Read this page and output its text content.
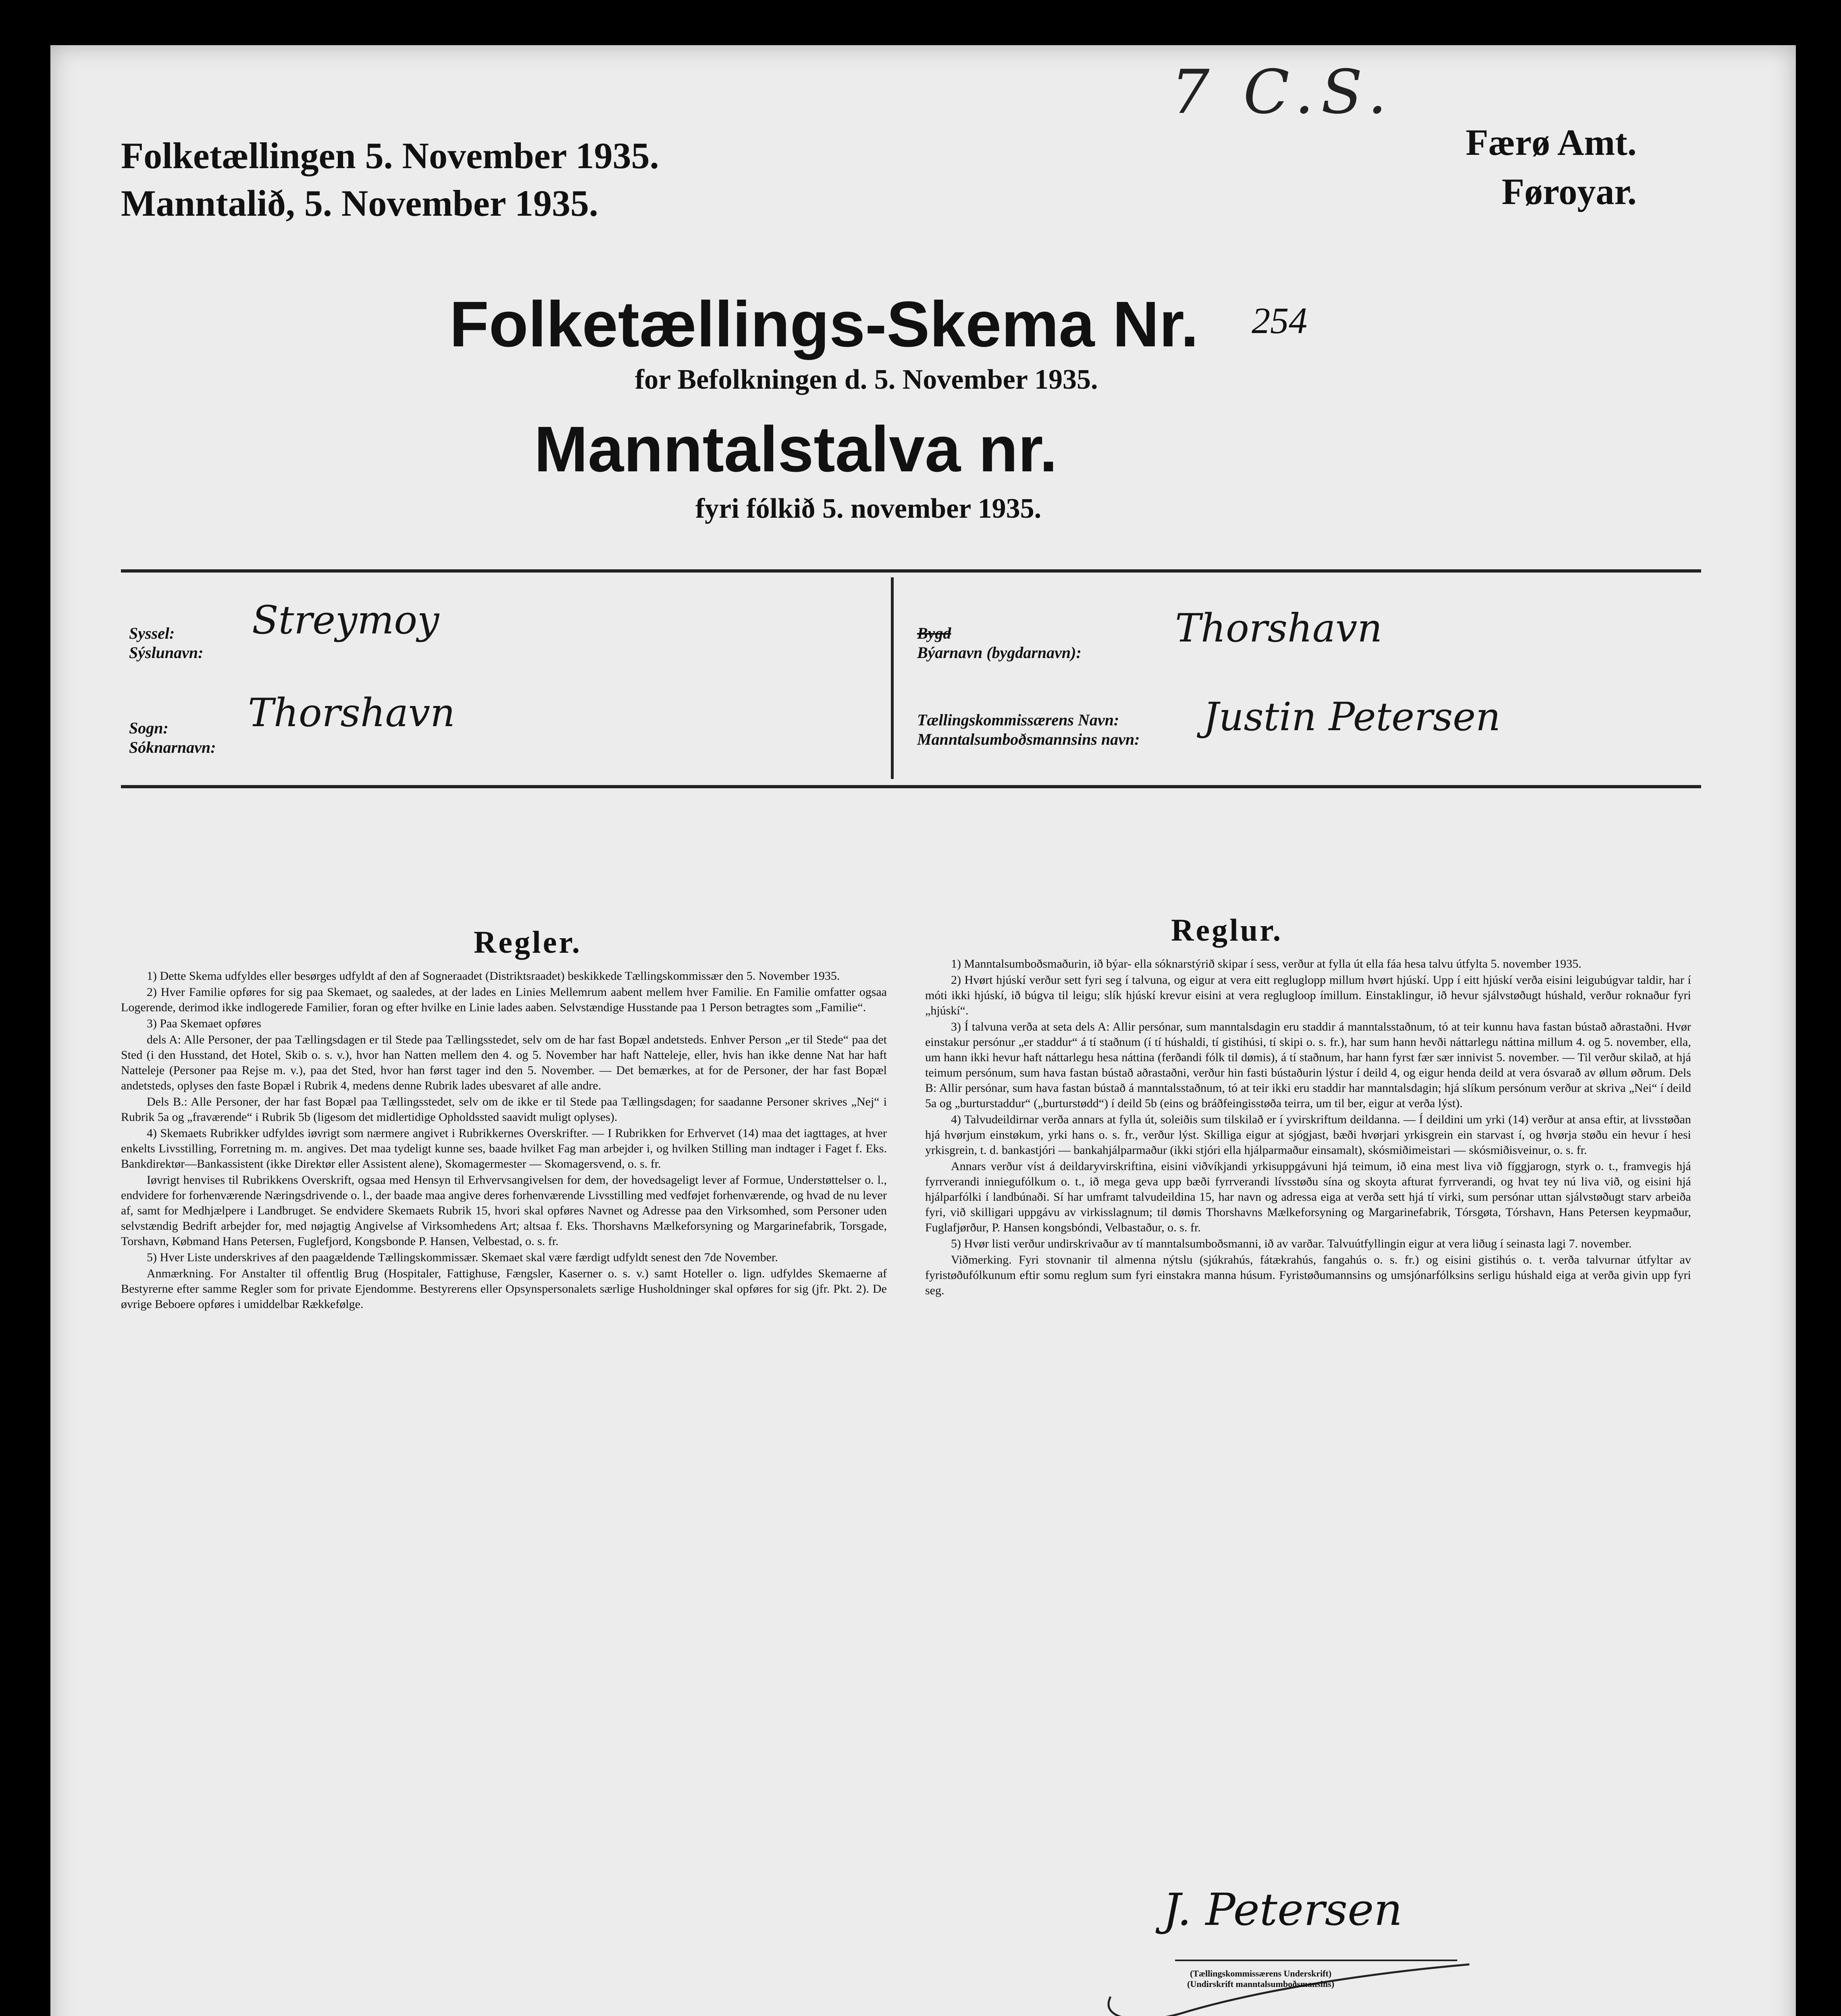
Folketællingen 5. November 1935.
Manntalið, 5. November 1935.
7 C.S.
Færø Amt.
Føroyar.
Folketællings-Skema Nr. 254
for Befolkningen d. 5. November 1935.
Manntalstalva nr.
fyri fólkið 5. november 1935.
Syssel:
Sýslunavn:
Streymoy
Sogn:
Sóknarnavn:
Thorshavn
Bygd
Býarnavn (bygdarnavn):
Thorshavn
Tællingskommissærens Navn:
Manntalsumboðsmannsins navn: Justin Petersen
Regler.

1) Dette Skema udfyldes eller besørges udfyldt af den af Sogneraadet (Distriktsraadet) beskikkede Tællingskommissær den 5. November 1935.

2) Hver Familie opføres for sig paa Skemaet, og saaledes, at der lades en Linies Mellemrum aabent mellem hver Familie. En Familie omfatter ogsaa Logerende, derimod ikke indlogerede Familier, foran og efter hvilke en Linie lades aaben. Selvstændige Husstande paa 1 Person betragtes som „Familie“.

3) Paa Skemaet opføres

dels A: Alle Personer, der paa Tællingsdagen er til Stede paa Tællingsstedet, selv om de har fast Bopæl andetsteds. Enhver Person „er til Stede“ paa det Sted (i den Husstand, det Hotel, Skib o. s. v.), hvor han Natten mellem den 4. og 5. November har haft Natteleje, eller, hvis han ikke denne Nat har haft Natteleje (Personer paa Rejse m. v.), paa det Sted, hvor han først tager ind den 5. November. — Det bemærkes, at for de Personer, der har fast Bopæl andetsteds, oplyses den faste Bopæl i Rubrik 4, medens denne Rubrik lades ubesvaret af alle andre.

Dels B.: Alle Personer, der har fast Bopæl paa Tællingsstedet, selv om de ikke er til Stede paa Tællingsdagen; for saadanne Personer skrives „Nej“ i Rubrik 5a og „fraværende“ i Rubrik 5b (ligesom det midlertidige Opholdssted saavidt muligt oplyses).

4) Skemaets Rubrikker udfyldes iøvrigt som nærmere angivet i Rubrikkernes Overskrifter. — I Rubrikken for Erhvervet (14) maa det iagttages, at hver enkelts Livsstilling, Forretning m. m. angives. Det maa tydeligt kunne ses, baade hvilket Fag man arbejder i, og hvilken Stilling man indtager i Faget f. Eks. Bankdirektør—Bankassistent (ikke Direktør eller Assistent alene), Skomagermester — Skomagersvend, o. s. fr.

Iøvrigt henvises til Rubrikkens Overskrift, ogsaa med Hensyn til Erhvervsangivelsen for dem, der hovedsageligt lever af Formue, Understøttelser o. l., endvidere for forhenværende Næringsdrivende o. l., der baade maa angive deres forhenværende Livsstilling med vedføjet forhenværende, og hvad de nu lever af, samt for Medhjælpere i Landbruget. Se endvidere Skemaets Rubrik 15, hvori skal opføres Navnet og Adresse paa den Virksomhed, som Personer uden selvstændig Bedrift arbejder for, med nøjagtig Angivelse af Virksomhedens Art; altsaa f. Eks. Thorshavns Mælkeforsyning og Margarinefabrik, Torsgade, Torshavn, Købmand Hans Petersen, Fuglefjord, Kongsbonde P. Hansen, Velbestad, o. s. fr.

5) Hver Liste underskrives af den paagældende Tællingskommissær. Skemaet skal være færdigt udfyldt senest den 7de November.

Anmærkning. For Anstalter til offentlig Brug (Hospitaler, Fattighuse, Fængsler, Kaserner o. s. v.) samt Hoteller o. lign. udfyldes Skemaerne af Bestyrerne efter samme Regler som for private Ejendomme. Bestyrerens eller Opsynspersonalets særlige Husholdninger skal opføres for sig (jfr. Pkt. 2). De øvrige Beboere opføres i umiddelbar Rækkefølge.

Reglur.

1) Manntalsumboðsmaðurin, ið býar- ella sóknarstýrið skipar í sess, verður at fylla út ella fáa hesa talvu útfylta 5. november 1935.

2) Hvørt hjúskí verður sett fyri seg í talvuna, og eigur at vera eitt regluglopp millum hvørt hjúskí. Upp í eitt hjúskí verða eisini leigubúgvar taldir, har í móti ikki hjúskí, ið búgva til leigu; slík hjúskí krevur eisini at vera reglugloop ímillum. Einstaklingur, ið hevur sjálvstøðugt húshald, verður roknaður fyri „hjúskí“.

3) Í talvuna verða at seta dels A: Allir persónar, sum manntalsdagin eru staddir á manntalsstaðnum, tó at teir kunnu hava fastan bústað aðrastaðni. Hvør einstakur persónur „er staddur“ á tí staðnum (í tí húshaldi, tí gistihúsi, tí skipi o. s. fr.), har sum hann hevði náttarlegu náttina millum 4. og 5. november, ella, um hann ikki hevur haft náttarlegu hesa náttina (ferðandi fólk til dømis), á tí staðnum, har hann fyrst fær sær innivist 5. november. — Til verður skilað, at hjá teimum persónum, sum hava fastan bústað aðrastaðni, verður hin fasti bústaðurin lýstur í deild 4, og eigur henda deild at vera ósvarað av øllum øðrum. Dels B: Allir persónar, sum hava fastan bústað á manntalsstaðnum, tó at teir ikki eru staddir har manntalsdagin; hjá slíkum persónum verður at skriva „Nei“ í deild 5a og „burturstaddur“ („burturstødd“) í deild 5b (eins og bráðfeingisstøða teirra, um til ber, eigur at verða lýst).

4) Talvudeildirnar verða annars at fylla út, soleiðis sum tilskilað er í yvirskriftum deildanna. — Í deildini um yrki (14) verður at ansa eftir, at livsstøðan hjá hvørjum einstøkum, yrki hans o. s. fr., verður lýst. Skilliga eigur at sjógjast, bæði hvørjari yrkisgrein ein starvast í, og hvørja støðu ein hevur í hesi yrkisgrein, t. d. bankastjóri — bankahjálparmaður (ikki stjóri ella hjálparmaður einsamalt), skósmiðimeistari — skósmiðisveinur, o. s. fr.

Annars verður víst á deildaryvirskriftina, eisini viðvíkjandi yrkisuppgávuni hjá teimum, ið eina mest liva við fíggjarogn, styrk o. t., framvegis hjá fyrrverandi inniegufólkum o. t., ið mega geva upp bæði fyrrverandi lívsstøðu sína og skoyta afturat fyrrverandi, og hvat tey nú liva við, og eisini hjá hjálparfólki í landbúnaði. Sí har umframt talvudeildina 15, har navn og adressa eiga at verða sett hjá tí virki, sum persónar uttan sjálvstøðugt starv arbeiða fyri, við skilligari uppgávu av virkisslagnum; til dømis Thorshavns Mælkeforsyning og Margarinefabrik, Tórsgøta, Tórshavn, Hans Petersen keypmaður, Fuglafjørður, P. Hansen kongsbóndi, Velbastaður, o. s. fr.

5) Hvør listi verður undirskrivaður av tí manntalsumboðsmanni, ið av varðar. Talvuútfyllingin eigur at vera liðug í seinasta lagi 7. november.

Viðmerking. Fyri stovnanir til almenna nýtslu (sjúkrahús, fátækrahús, fangahús o. s. fr.) og eisini gistihús o. t. verða talvurnar útfyltar av fyristøðufólkunum eftir somu reglum sum fyri einstakra manna húsum. Fyristøðumannsins og umsjónarfólksins serligu húshald eiga at verða givin upp fyri seg.

J. Petersen
(Tællingskommissærens Underskrift)
(Undirskrift manntalsumboðsmansins)
